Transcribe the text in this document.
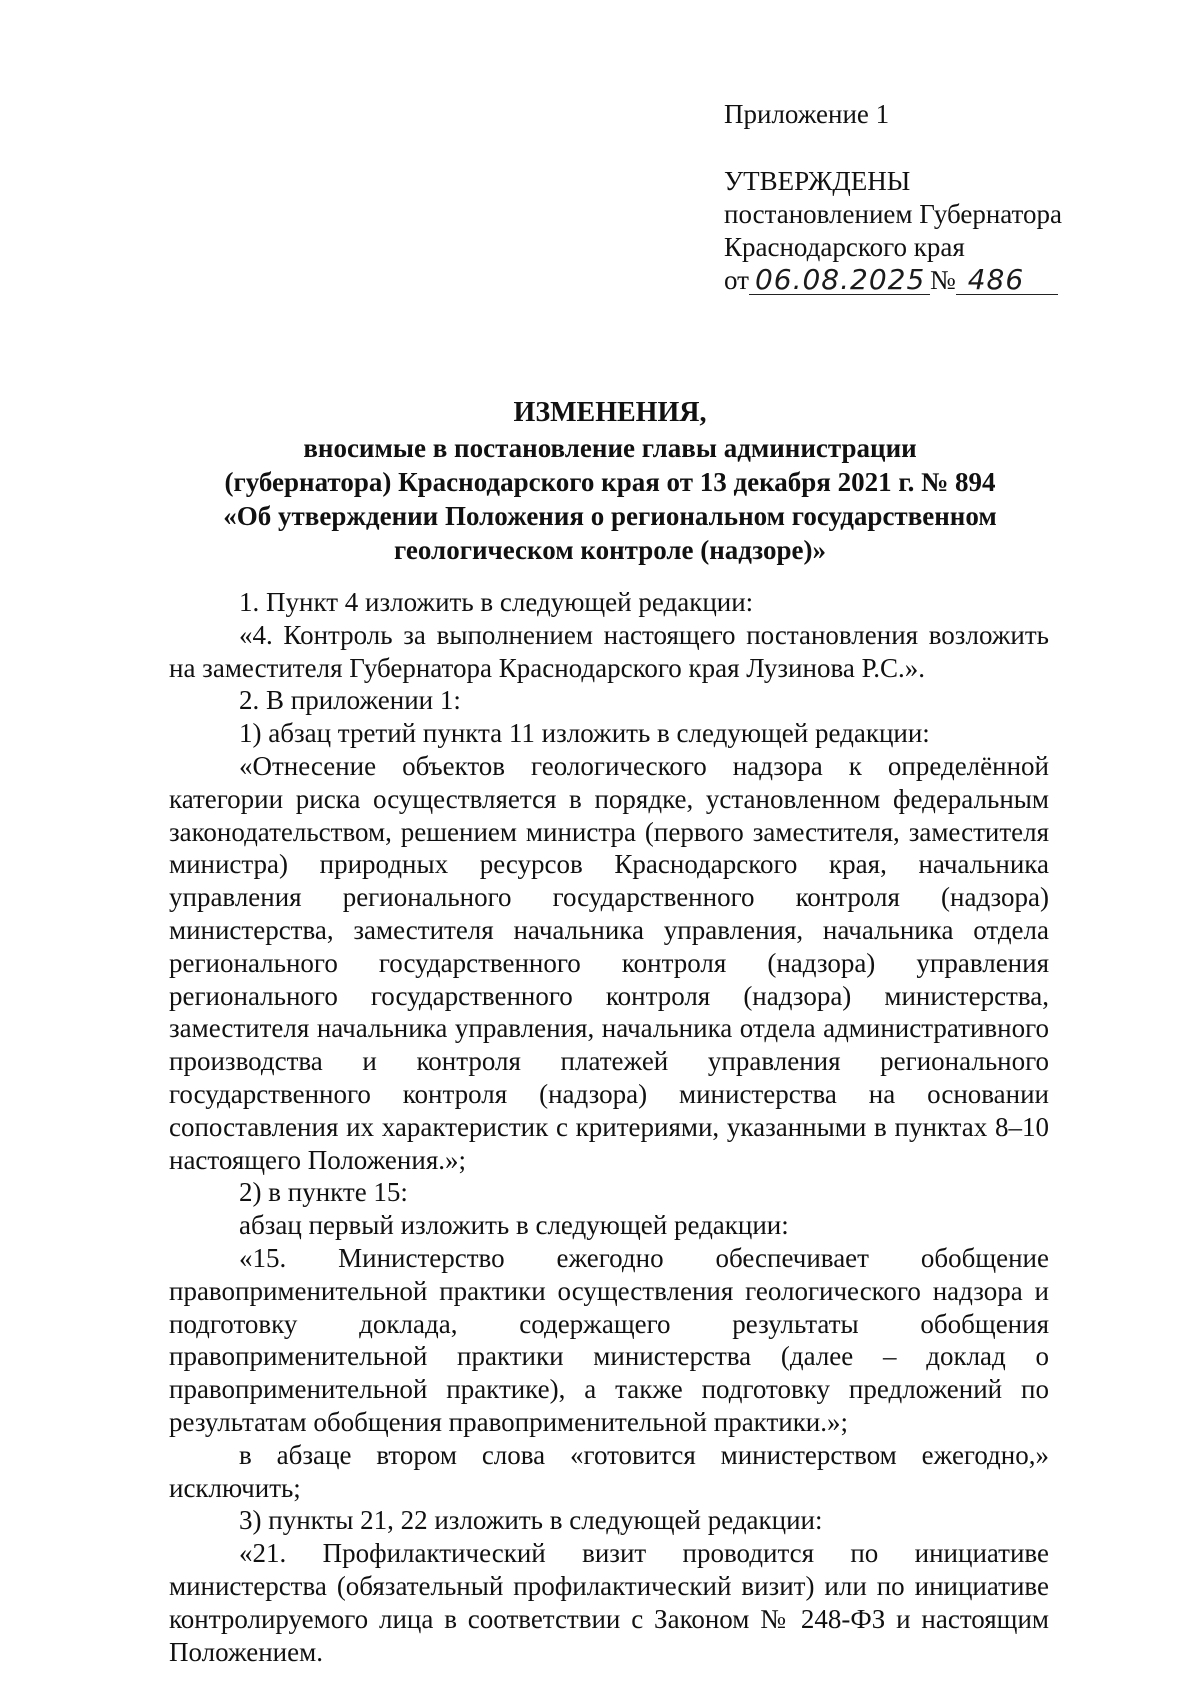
Приложение 1
УТВЕРЖДЕНЫ
постановлением Губернатора
Краснодарского края
от 06.08.2025 № 486
ИЗМЕНЕНИЯ,
вносимые в постановление главы администрации
(губернатора) Краснодарского края от 13 декабря 2021 г. № 894
«Об утверждении Положения о региональном государственном
геологическом контроле (надзоре)»

1. Пункт 4 изложить в следующей редакции:

«4. Контроль за выполнением настоящего постановления возложить на заместителя Губернатора Краснодарского края Лузинова Р.С.».

2. В приложении 1:

1) абзац третий пункта 11 изложить в следующей редакции:

«Отнесение объектов геологического надзора к определённой категории риска осуществляется в порядке, установленном федеральным законодательством, решением министра (первого заместителя, заместителя министра) природных ресурсов Краснодарского края, начальника управления регионального государственного контроля (надзора) министерства, заместителя начальника управления, начальника отдела регионального государственного контроля (надзора) управления регионального государственного контроля (надзора) министерства, заместителя начальника управления, начальника отдела административного производства и контроля платежей управления регионального государственного контроля (надзора) министерства на основании сопоставления их характеристик с критериями, указанными в пунктах 8–10 настоящего Положения.»;

2) в пункте 15:

абзац первый изложить в следующей редакции:

«15. Министерство ежегодно обеспечивает обобщение

правоприменительной практики осуществления геологического надзора и

подготовку доклада, содержащего результаты обобщения

правоприменительной практики министерства (далее – доклад о

правоприменительной практике), а также подготовку предложений по

результатам обобщения правоприменительной практики.»;

в абзаце втором слова «готовится министерством ежегодно,» исключить;

3) пункты 21, 22 изложить в следующей редакции:

«21. Профилактический визит проводится по инициативе министерства (обязательный профилактический визит) или по инициативе контролируемого лица в соответствии с Законом № 248-ФЗ и настоящим Положением.
